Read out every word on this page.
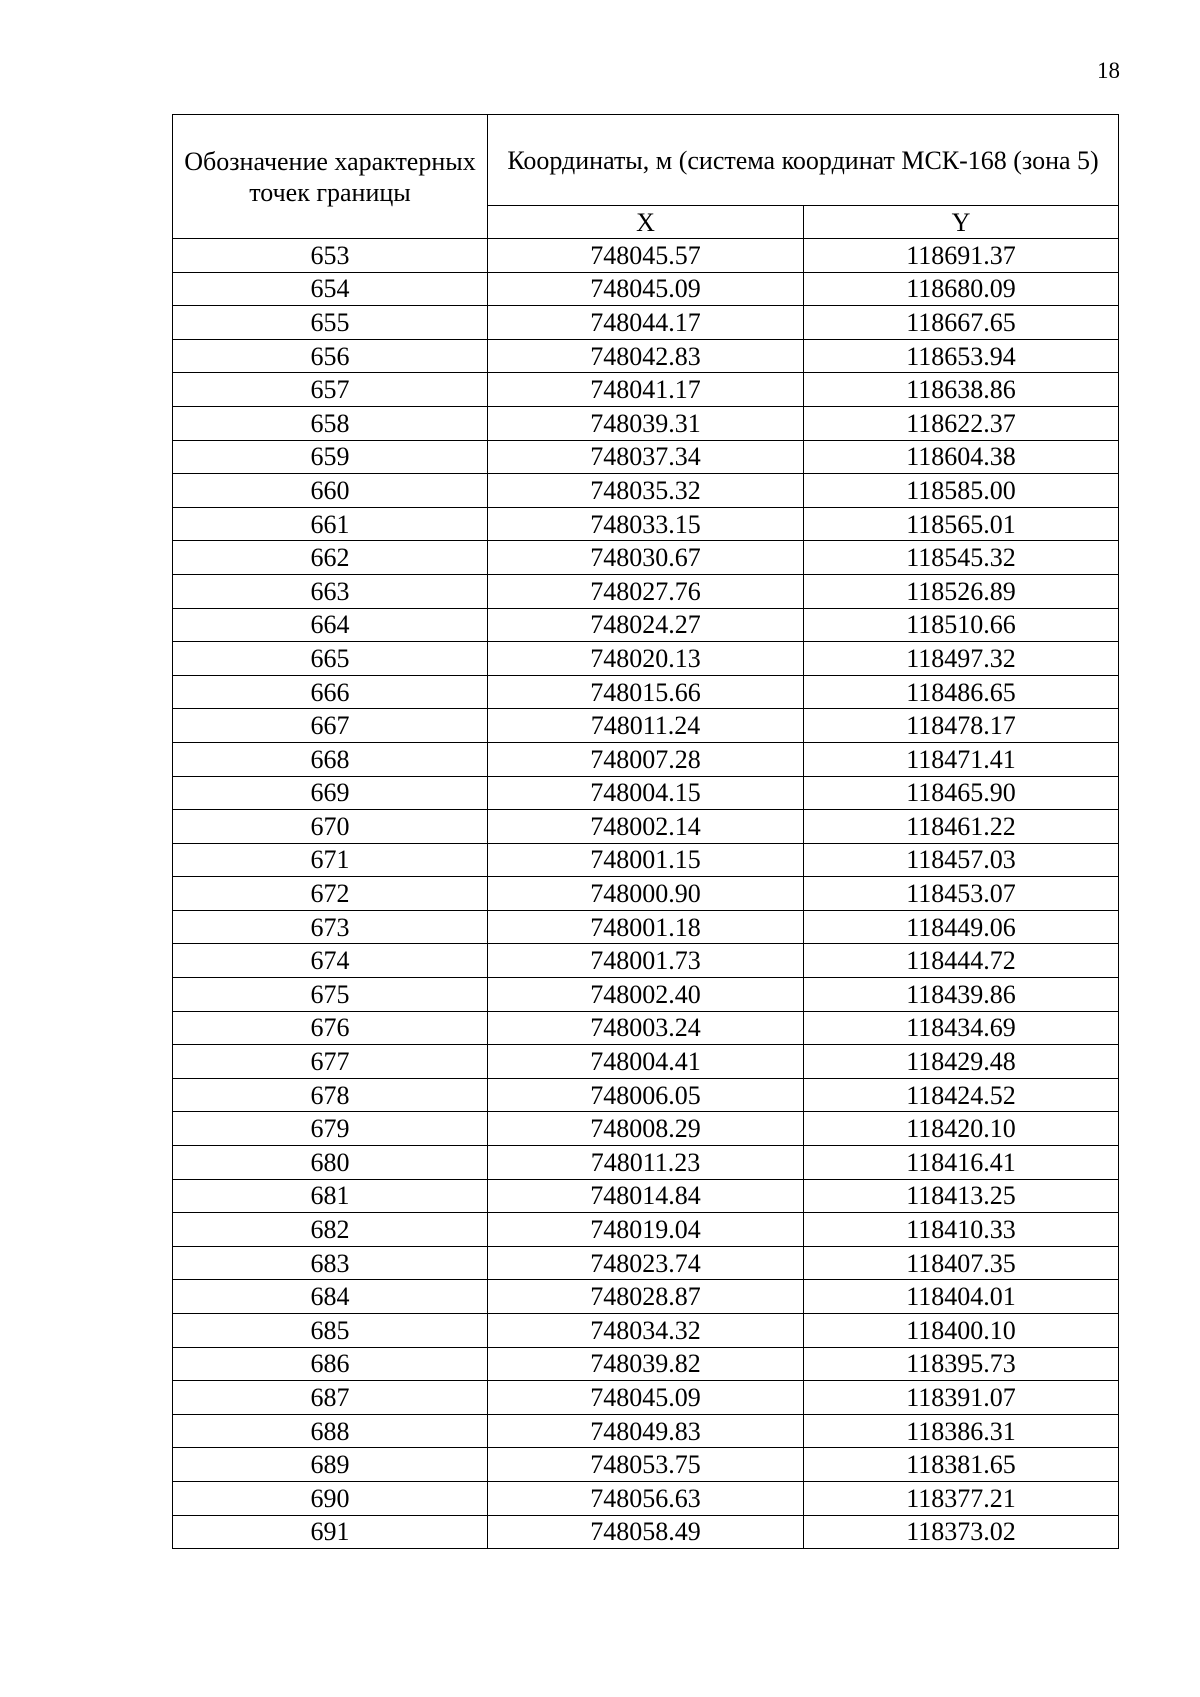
18
Обозначение характерных точек границы	Координаты, м (система координат МСК-168 (зона 5)	
	X	Y
653	748045.57	118691.37
654	748045.09	118680.09
655	748044.17	118667.65
656	748042.83	118653.94
657	748041.17	118638.86
658	748039.31	118622.37
659	748037.34	118604.38
660	748035.32	118585.00
661	748033.15	118565.01
662	748030.67	118545.32
663	748027.76	118526.89
664	748024.27	118510.66
665	748020.13	118497.32
666	748015.66	118486.65
667	748011.24	118478.17
668	748007.28	118471.41
669	748004.15	118465.90
670	748002.14	118461.22
671	748001.15	118457.03
672	748000.90	118453.07
673	748001.18	118449.06
674	748001.73	118444.72
675	748002.40	118439.86
676	748003.24	118434.69
677	748004.41	118429.48
678	748006.05	118424.52
679	748008.29	118420.10
680	748011.23	118416.41
681	748014.84	118413.25
682	748019.04	118410.33
683	748023.74	118407.35
684	748028.87	118404.01
685	748034.32	118400.10
686	748039.82	118395.73
687	748045.09	118391.07
688	748049.83	118386.31
689	748053.75	118381.65
690	748056.63	118377.21
691	748058.49	118373.02
